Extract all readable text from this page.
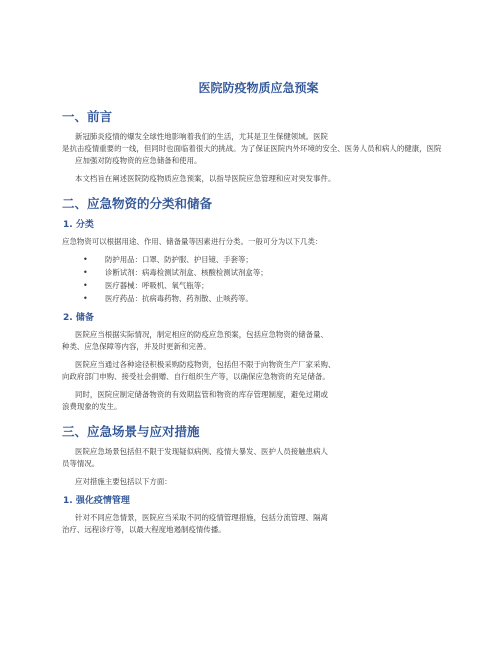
医院防疫物质应急预案
一、前言

新冠肺炎疫情的爆发全球性地影响着我们的生活，尤其是卫生保健领域。医院
是抗击疫情重要的一线，但同时也面临着很大的挑战。为了保证医院内外环境的安全、医务人员和病人的健康，医院应加强对防疫物资的应急储备和使用。

本文档旨在阐述医院防疫物质应急预案，以指导医院应急管理和应对突发事件。

二、应急物资的分类和储备
1. 分类

应急物资可以根据用途、作用、储备量等因素进行分类。一般可分为以下几类：

• 防护用品：口罩、防护服、护目镜、手套等；
• 诊断试剂：病毒检测试剂盒、核酸检测试剂盒等；
• 医疗器械：呼吸机、氧气瓶等；
• 医疗药品：抗病毒药物、药剂散、止咳药等。
2. 储备

医院应当根据实际情况，制定相应的防疫应急预案，包括应急物资的储备量、
种类、应急保障等内容，并及时更新和完善。

医院应当通过各种途径积极采购防疫物资，包括但不限于向物资生产厂家采购、
向政府部门申购、接受社会捐赠、自行组织生产等，以确保应急物资的充足储备。

同时，医院应制定储备物资的有效期监管和物资的库存管理制度，避免过期或
浪费现象的发生。

三、应急场景与应对措施

医院应急场景包括但不限于发现疑似病例、疫情大暴发、医护人员接触患病人
员等情况。

应对措施主要包括以下方面：

1. 强化疫情管理

针对不同应急情景，医院应当采取不同的疫情管理措施，包括分流管理、隔离
治疗、远程诊疗等，以最大程度地遏制疫情传播。
